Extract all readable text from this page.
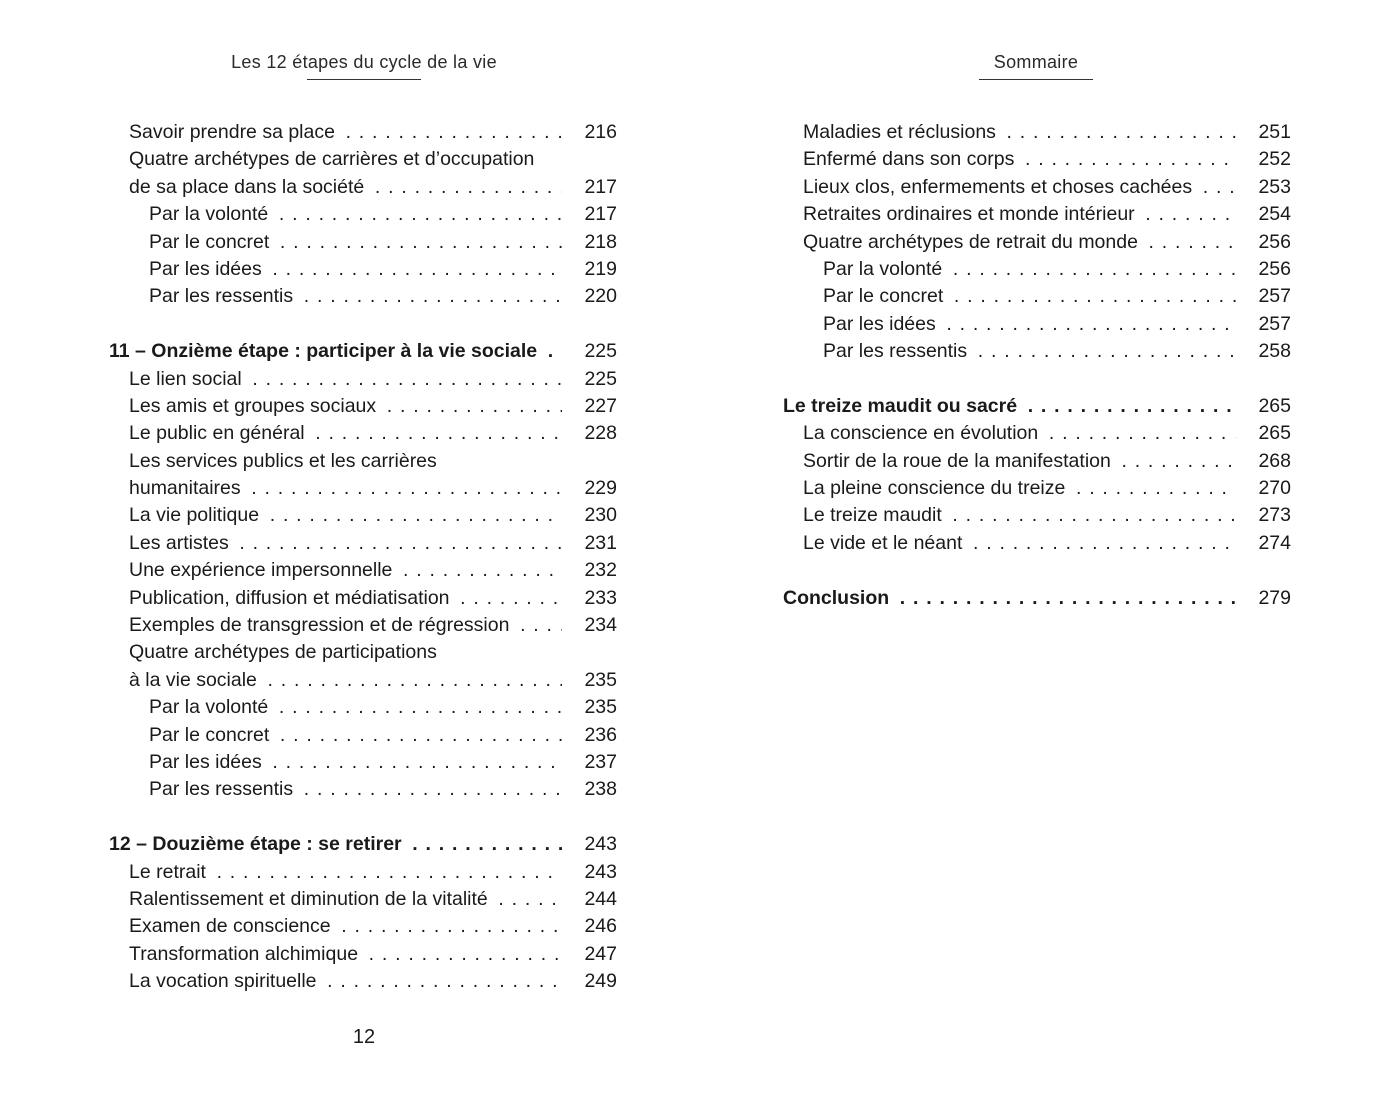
Les 12 étapes du cycle de la vie
Savoir prendre sa place . . .	216
Quatre archétypes de carrières et d’occupation
de sa place dans la société . . .	217
Par la volonté . . .	217
Par le concret . . .	218
Par les idées . . .	219
Par les ressentis . . .	220
11 – Onzième étape : participer à la vie sociale . . .	225
Le lien social . . .	225
Les amis et groupes sociaux . . .	227
Le public en général . . .	228
Les services publics et les carrières
humanitaires . . .	229
La vie politique . . .	230
Les artistes . . .	231
Une expérience impersonnelle . . .	232
Publication, diffusion et médiatisation . . .	233
Exemples de transgression et de régression . . .	234
Quatre archétypes de participations
à la vie sociale . . .	235
Par la volonté . . .	235
Par le concret . . .	236
Par les idées . . .	237
Par les ressentis . . .	238
12 – Douzième étape : se retirer . . .	243
Le retrait . . .	243
Ralentissement et diminution de la vitalité . . .	244
Examen de conscience . . .	246
Transformation alchimique . . .	247
La vocation spirituelle . . .	249
12
Sommaire
Maladies et réclusions . . .	251
Enfermé dans son corps . . .	252
Lieux clos, enfermements et choses cachées . . .	253
Retraites ordinaires et monde intérieur . . .	254
Quatre archétypes de retrait du monde . . .	256
Par la volonté . . .	256
Par le concret . . .	257
Par les idées . . .	257
Par les ressentis . . .	258
Le treize maudit ou sacré . . .	265
La conscience en évolution . . .	265
Sortir de la roue de la manifestation . . .	268
La pleine conscience du treize . . .	270
Le treize maudit . . .	273
Le vide et le néant . . .	274
Conclusion . . .	279
